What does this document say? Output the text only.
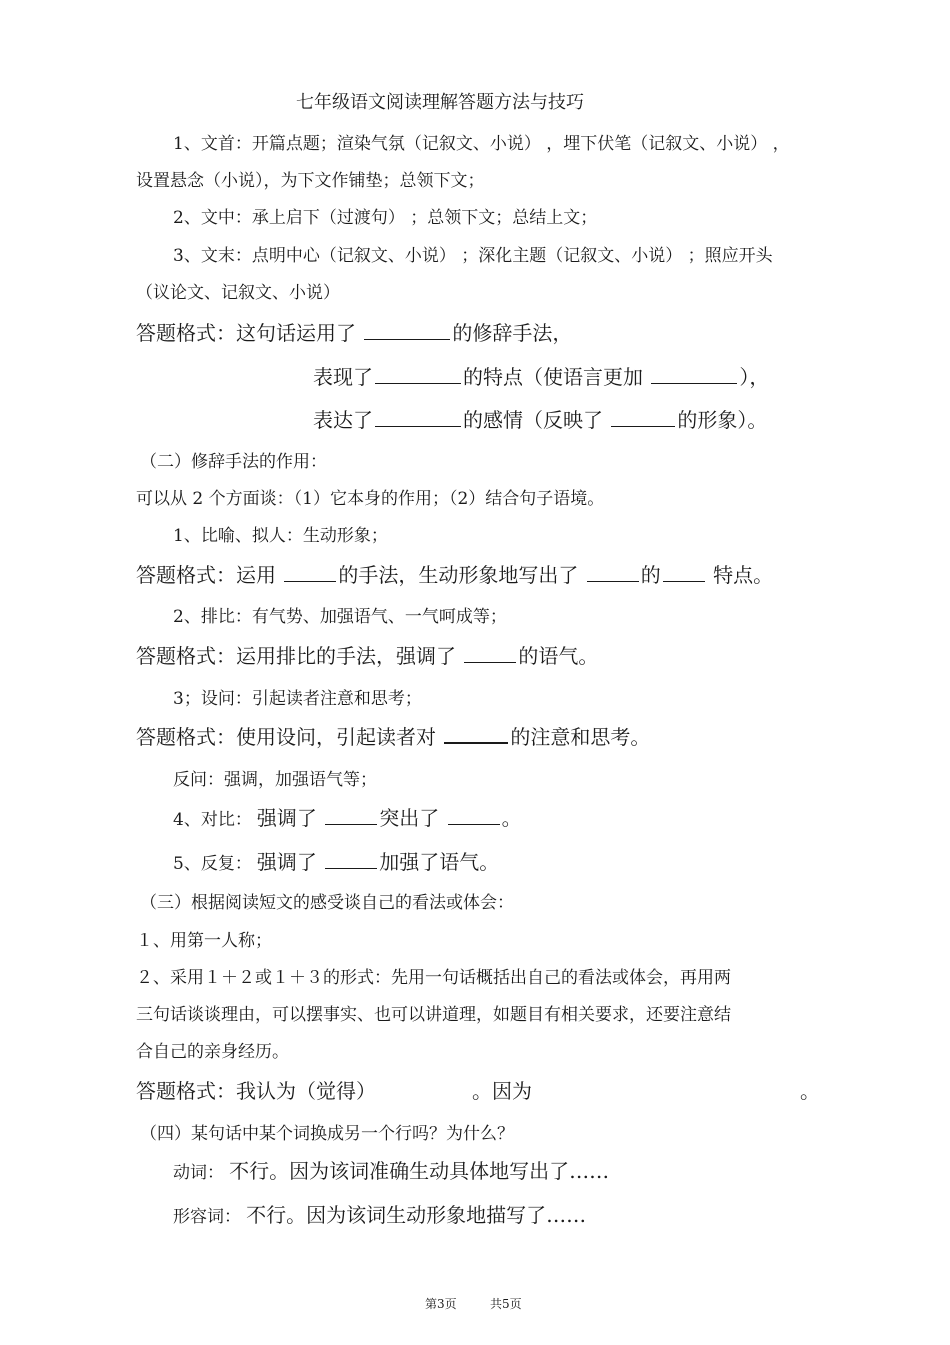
七年级语文阅读理解答题方法与技巧
1、文首：开篇点题；渲染气氛（记叙文、小说） ，埋下伏笔（记叙文、小说） ，
设置悬念（小说），为下文作铺垫；总领下文；
2、文中：承上启下（过渡句） ；总领下文；总结上文；
3、文末：点明中心（记叙文、小说） ；深化主题（记叙文、小说） ；照应开头
（议论文、记叙文、小说）
答题格式：这句话运用了	的修辞手法，
表现了	的特点（使语言更加	），
表达了	的感情（反映了	的形象）。
（二）修辞手法的作用：
可以从 2 个方面谈：（1）它本身的作用；（2）结合句子语境。
1、比喻、拟人：生动形象；
答题格式：运用	的手法，生动形象地写出了	的 特点。
2、排比：有气势、加强语气、一气呵成等；
答题格式：运用排比的手法，强调了	的语气。
3；设问：引起读者注意和思考；
答题格式：使用设问，引起读者对	的注意和思考。
反问：强调，加强语气等；
4、对比： 强调了	突出了	。
5、反复： 强调了	加强了语气。
（三）根据阅读短文的感受谈自己的看法或体会：
１、用第一人称；
２、采用１＋２或１＋３的形式：先用一句话概括出自己的看法或体会，再用两
三句话谈谈理由，可以摆事实、也可以讲道理，如题目有相关要求，还要注意结
合自己的亲身经历。
答题格式：我认为（觉得）	。因为	。
（四）某句话中某个词换成另一个行吗？为什么？
动词： 不行。因为该词准确生动具体地写出了……
形容词： 不行。因为该词生动形象地描写了……
第3页	共5页
